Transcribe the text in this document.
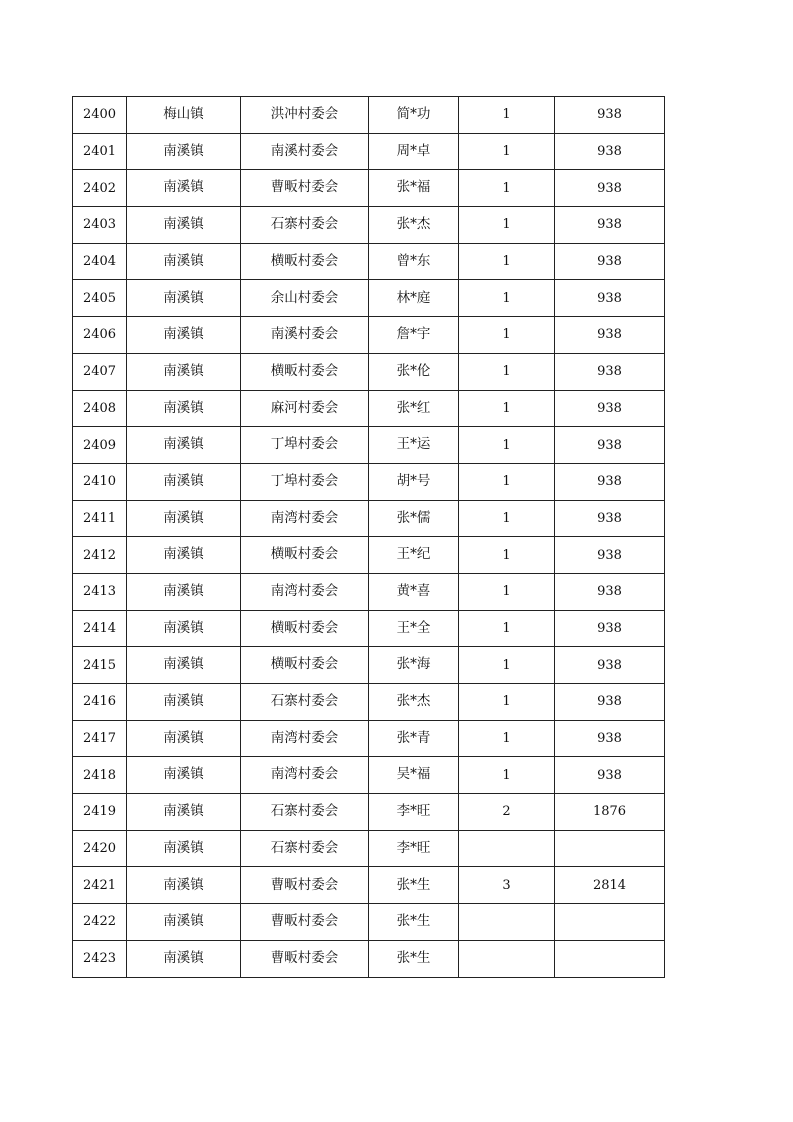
2400	梅山镇	洪冲村委会	简*功	1	938
2401	南溪镇	南溪村委会	周*卓	1	938
2402	南溪镇	曹畈村委会	张*福	1	938
2403	南溪镇	石寨村委会	张*杰	1	938
2404	南溪镇	横畈村委会	曾*东	1	938
2405	南溪镇	余山村委会	林*庭	1	938
2406	南溪镇	南溪村委会	詹*宇	1	938
2407	南溪镇	横畈村委会	张*伦	1	938
2408	南溪镇	麻河村委会	张*红	1	938
2409	南溪镇	丁埠村委会	王*运	1	938
2410	南溪镇	丁埠村委会	胡*号	1	938
2411	南溪镇	南湾村委会	张*儒	1	938
2412	南溪镇	横畈村委会	王*纪	1	938
2413	南溪镇	南湾村委会	黄*喜	1	938
2414	南溪镇	横畈村委会	王*全	1	938
2415	南溪镇	横畈村委会	张*海	1	938
2416	南溪镇	石寨村委会	张*杰	1	938
2417	南溪镇	南湾村委会	张*青	1	938
2418	南溪镇	南湾村委会	吴*福	1	938
2419	南溪镇	石寨村委会	李*旺	2	1876
2420	南溪镇	石寨村委会	李*旺		
2421	南溪镇	曹畈村委会	张*生	3	2814
2422	南溪镇	曹畈村委会	张*生		
2423	南溪镇	曹畈村委会	张*生		
